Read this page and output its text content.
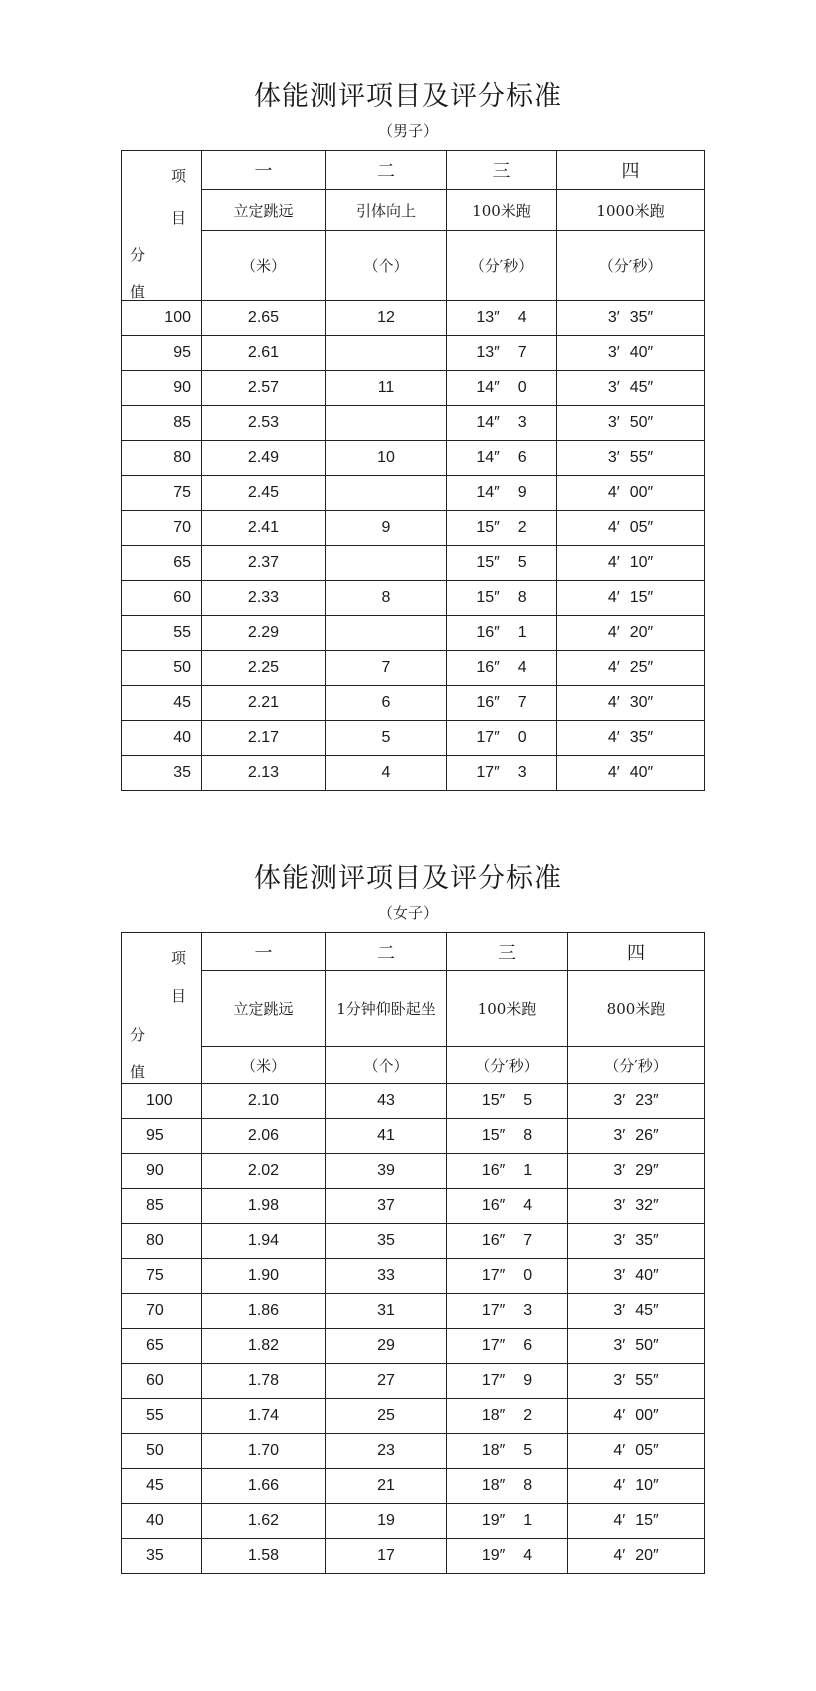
体能测评项目及评分标准
（男子）
项
目
分
值	一	二	三	四
	立定跳远	引体向上	100米跑	1000米跑
	（米）	（个）	（分′秒）	（分′秒）
100	2.65	12	13″ 4	3′ 35″
95	2.61		13″ 7	3′ 40″
90	2.57	11	14″ 0	3′ 45″
85	2.53		14″ 3	3′ 50″
80	2.49	10	14″ 6	3′ 55″
75	2.45		14″ 9	4′ 00″
70	2.41	9	15″ 2	4′ 05″
65	2.37		15″ 5	4′ 10″
60	2.33	8	15″ 8	4′ 15″
55	2.29		16″ 1	4′ 20″
50	2.25	7	16″ 4	4′ 25″
45	2.21	6	16″ 7	4′ 30″
40	2.17	5	17″ 0	4′ 35″
35	2.13	4	17″ 3	4′ 40″
体能测评项目及评分标准
（女子）
项
目
分
值	一	二	三	四
	立定跳远	1分钟仰卧起坐	100米跑	800米跑
	（米）	（个）	（分′秒）	（分′秒）
100	2.10	43	15″ 5	3′ 23″
95	2.06	41	15″ 8	3′ 26″
90	2.02	39	16″ 1	3′ 29″
85	1.98	37	16″ 4	3′ 32″
80	1.94	35	16″ 7	3′ 35″
75	1.90	33	17″ 0	3′ 40″
70	1.86	31	17″ 3	3′ 45″
65	1.82	29	17″ 6	3′ 50″
60	1.78	27	17″ 9	3′ 55″
55	1.74	25	18″ 2	4′ 00″
50	1.70	23	18″ 5	4′ 05″
45	1.66	21	18″ 8	4′ 10″
40	1.62	19	19″ 1	4′ 15″
35	1.58	17	19″ 4	4′ 20″
